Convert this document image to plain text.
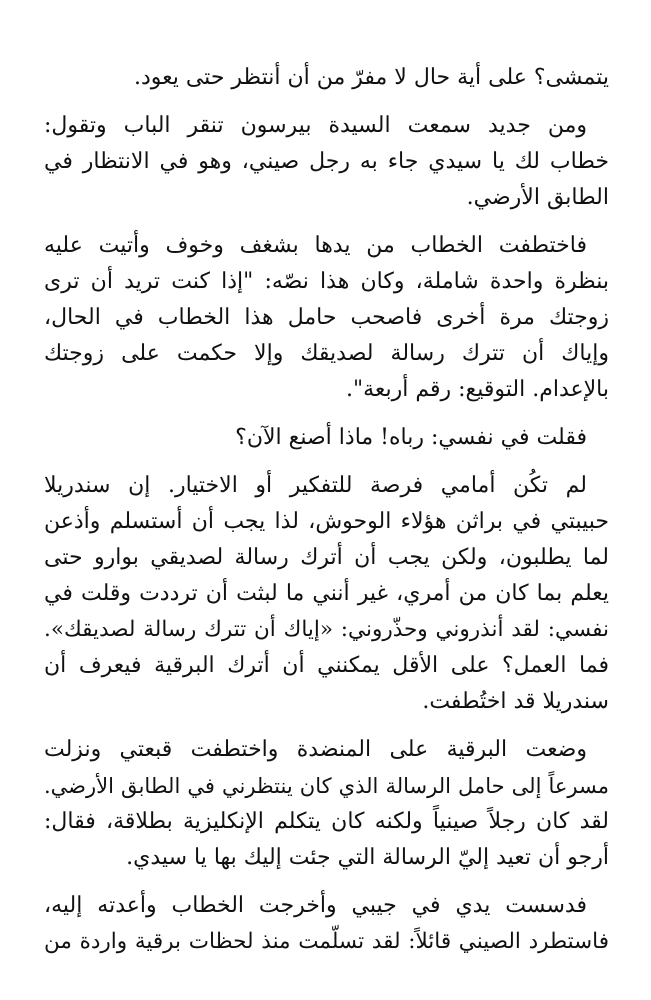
يتمشى؟ على أية حال لا مفرّ من أن أنتظر حتى يعود.

ومن جديد سمعت السيدة بيرسون تنقر الباب وتقول:
خطاب لك يا سيدي جاء به رجل صيني، وهو في الانتظار في
الطابق الأرضي.

فاختطفت الخطاب من يدها بشغف وخوف وأتيت عليه
بنظرة واحدة شاملة، وكان هذا نصّه: "إذا كنت تريد أن ترى
زوجتك مرة أخرى فاصحب حامل هذا الخطاب في الحال،
وإياك أن تترك رسالة لصديقك وإلا حكمت على زوجتك
بالإعدام. التوقيع: رقم أربعة".

فقلت في نفسي: رباه! ماذا أصنع الآن؟

لم تكُن أمامي فرصة للتفكير أو الاختيار. إن سندريلا
حبيبتي في براثن هؤلاء الوحوش، لذا يجب أن أستسلم وأذعن
لما يطلبون، ولكن يجب أن أترك رسالة لصديقي بوارو حتى
يعلم بما كان من أمري، غير أنني ما لبثت أن ترددت وقلت في
نفسي: لقد أنذروني وحذّروني: «إياك أن تترك رسالة لصديقك».
فما العمل؟ على الأقل يمكنني أن أترك البرقية فيعرف أن
سندريلا قد اختُطفت.

وضعت البرقية على المنضدة واختطفت قبعتي ونزلت
مسرعاً إلى حامل الرسالة الذي كان ينتظرني في الطابق الأرضي.
لقد كان رجلاً صينياً ولكنه كان يتكلم الإنكليزية بطلاقة، فقال:
أرجو أن تعيد إليّ الرسالة التي جئت إليك بها يا سيدي.

فدسست يدي في جيبي وأخرجت الخطاب وأعدته إليه،
فاستطرد الصيني قائلاً: لقد تسلّمت منذ لحظات برقية واردة من
